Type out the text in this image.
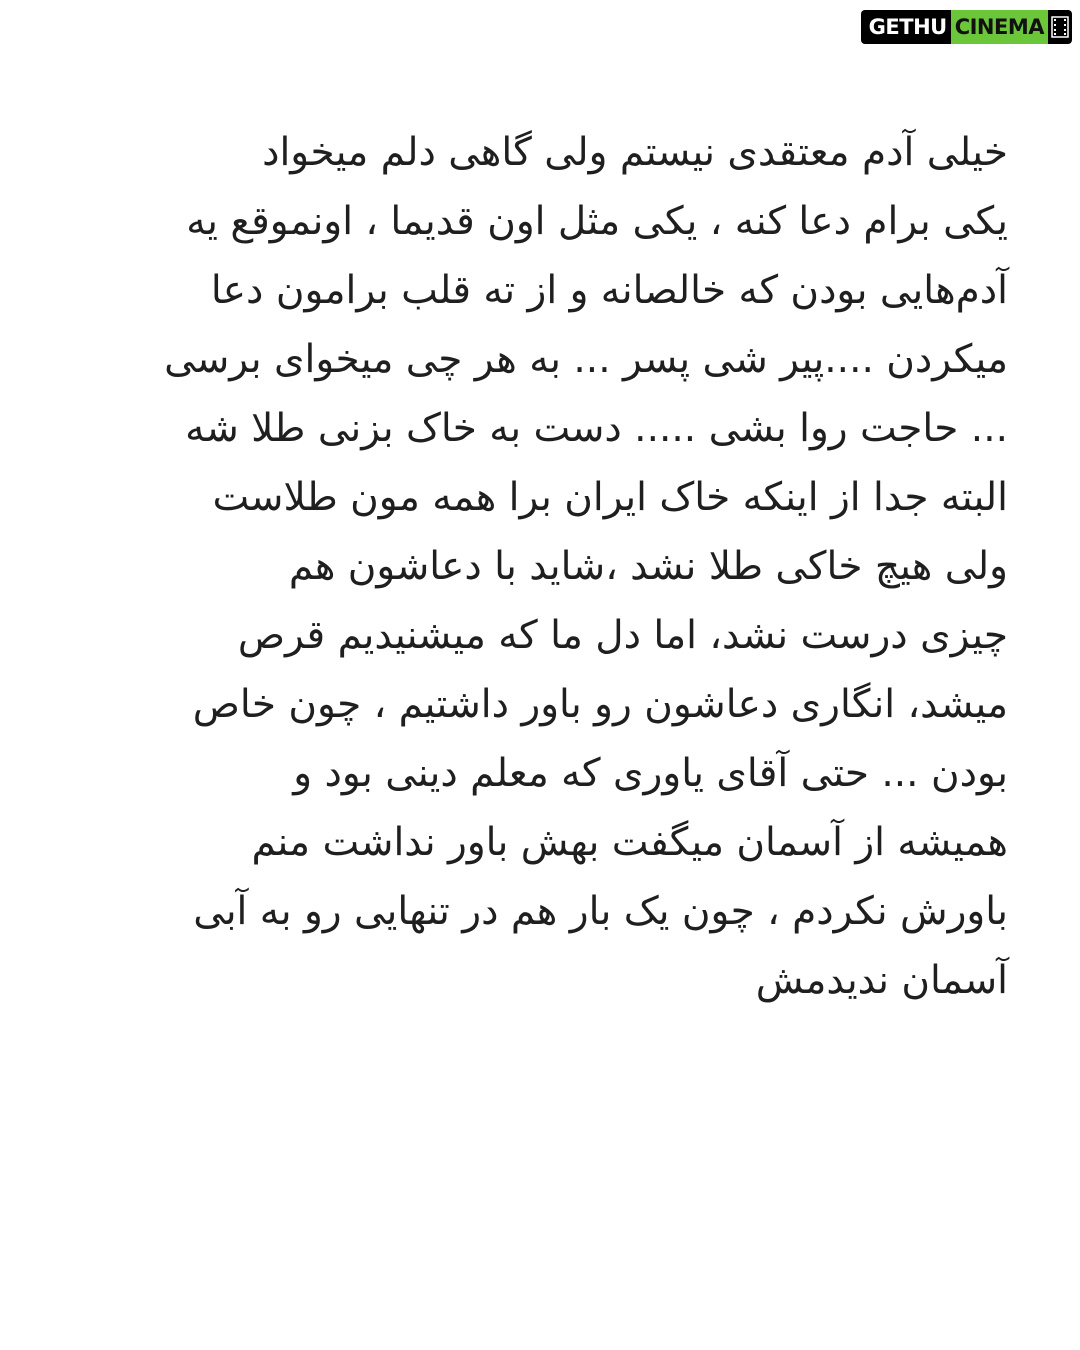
GETHU CINEMA
خیلی آدم معتقدی نیستم ولی گاهی دلم میخواد
یکی برام دعا کنه ، یکی مثل اون قدیما ، اونموقع یه
آدم‌هایی بودن که خالصانه و از ته قلب برامون دعا
میکردن ....پیر شی پسر ... به هر چی میخوای برسی
... حاجت روا بشی ..... دست به خاک بزنی طلا شه
البته جدا از اینکه خاک ایران برا همه مون طلاست
ولی هیچ خاکی طلا نشد ،شاید با دعاشون هم
چیزی درست نشد، اما دل ما که میشنیدیم قرص
میشد، انگاری دعاشون رو باور داشتیم ، چون خاص
بودن ... حتی آقای یاوری که معلم دینی بود و
همیشه از آسمان میگفت بهش باور نداشت منم
باورش نکردم ، چون یک بار هم در تنهایی رو به آبی
آسمان ندیدمش
